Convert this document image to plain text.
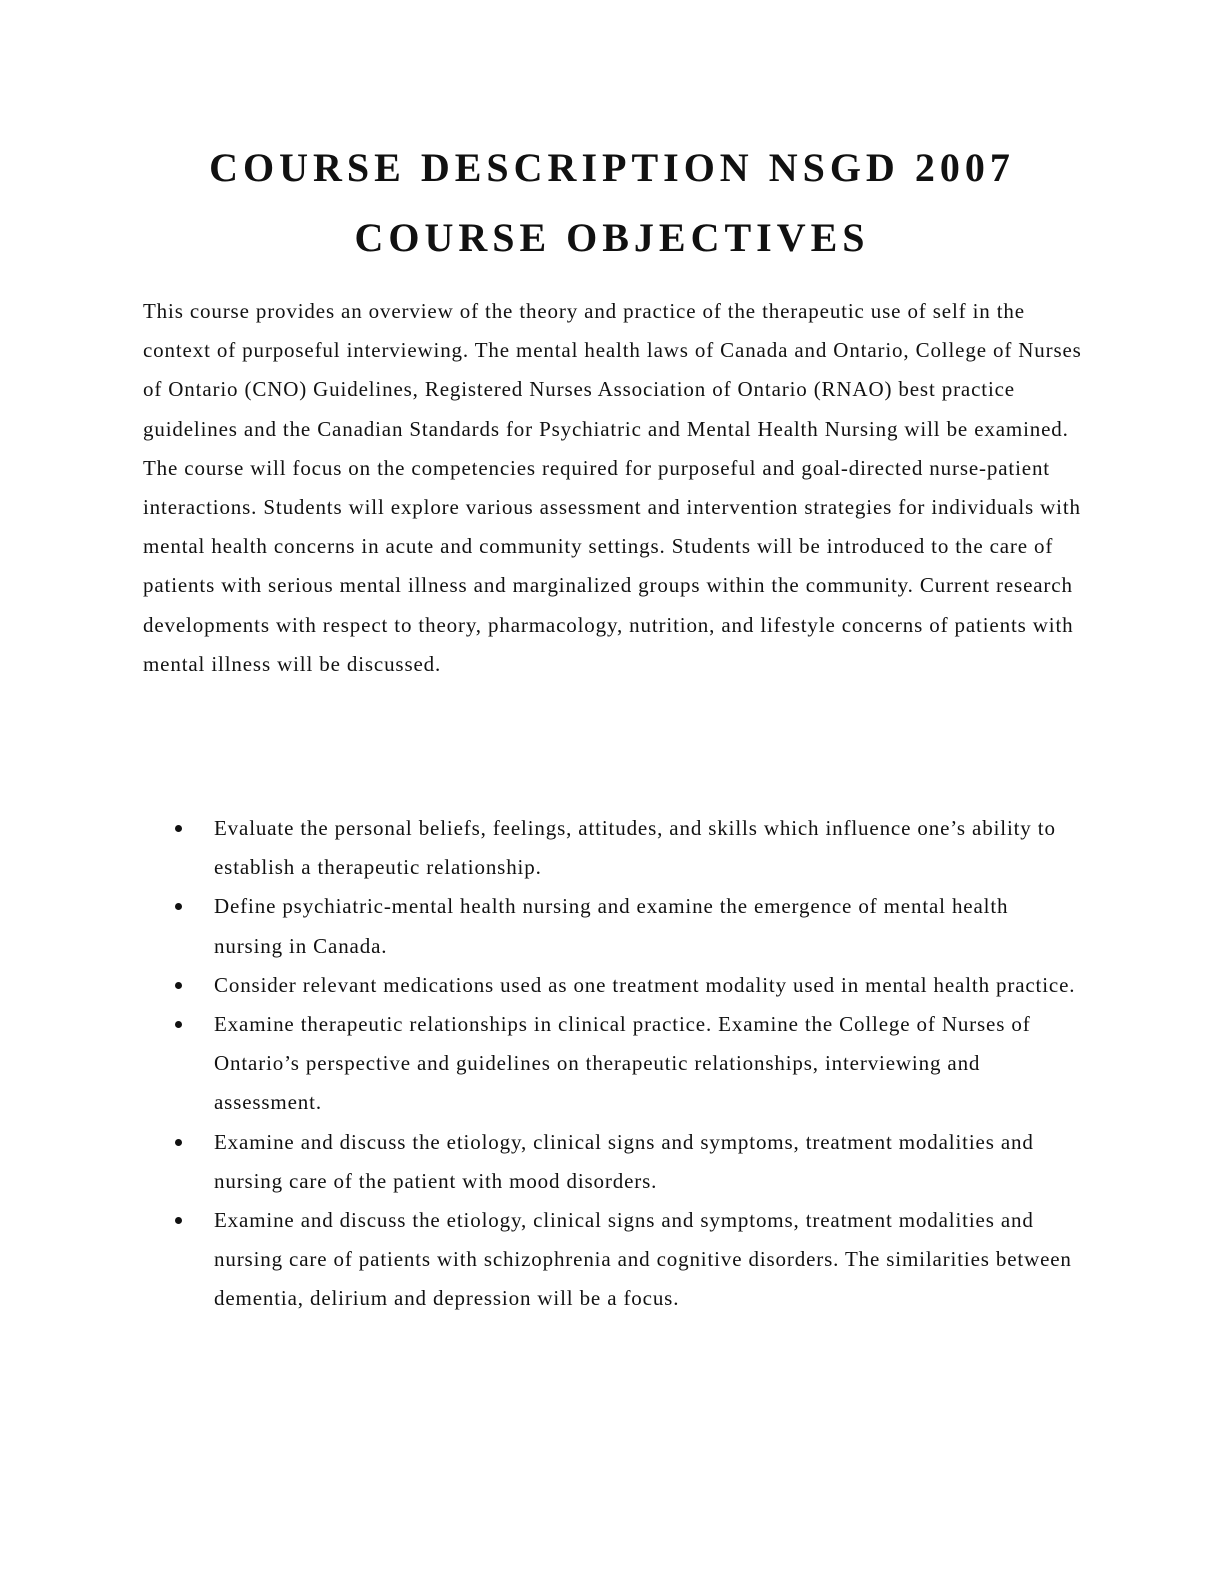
COURSE DESCRIPTION NSGD 2007
COURSE OBJECTIVES

This course provides an overview of the theory and practice of the therapeutic use of self in the context of purposeful interviewing. The mental health laws of Canada and Ontario, College of Nurses of Ontario (CNO) Guidelines, Registered Nurses Association of Ontario (RNAO) best practice guidelines and the Canadian Standards for Psychiatric and Mental Health Nursing will be examined. The course will focus on the competencies required for purposeful and goal-directed nurse-patient interactions. Students will explore various assessment and intervention strategies for individuals with mental health concerns in acute and community settings. Students will be introduced to the care of patients with serious mental illness and marginalized groups within the community. Current research developments with respect to theory, pharmacology, nutrition, and lifestyle concerns of patients with mental illness will be discussed.

Evaluate the personal beliefs, feelings, attitudes, and skills which influence one’s ability to establish a therapeutic relationship.
Define psychiatric-mental health nursing and examine the emergence of mental health nursing in Canada.
Consider relevant medications used as one treatment modality used in mental health practice.
Examine therapeutic relationships in clinical practice. Examine the College of Nurses of Ontario’s perspective and guidelines on therapeutic relationships, interviewing and assessment.
Examine and discuss the etiology, clinical signs and symptoms, treatment modalities and nursing care of the patient with mood disorders.
Examine and discuss the etiology, clinical signs and symptoms, treatment modalities and nursing care of patients with schizophrenia and cognitive disorders. The similarities between dementia, delirium and depression will be a focus.
